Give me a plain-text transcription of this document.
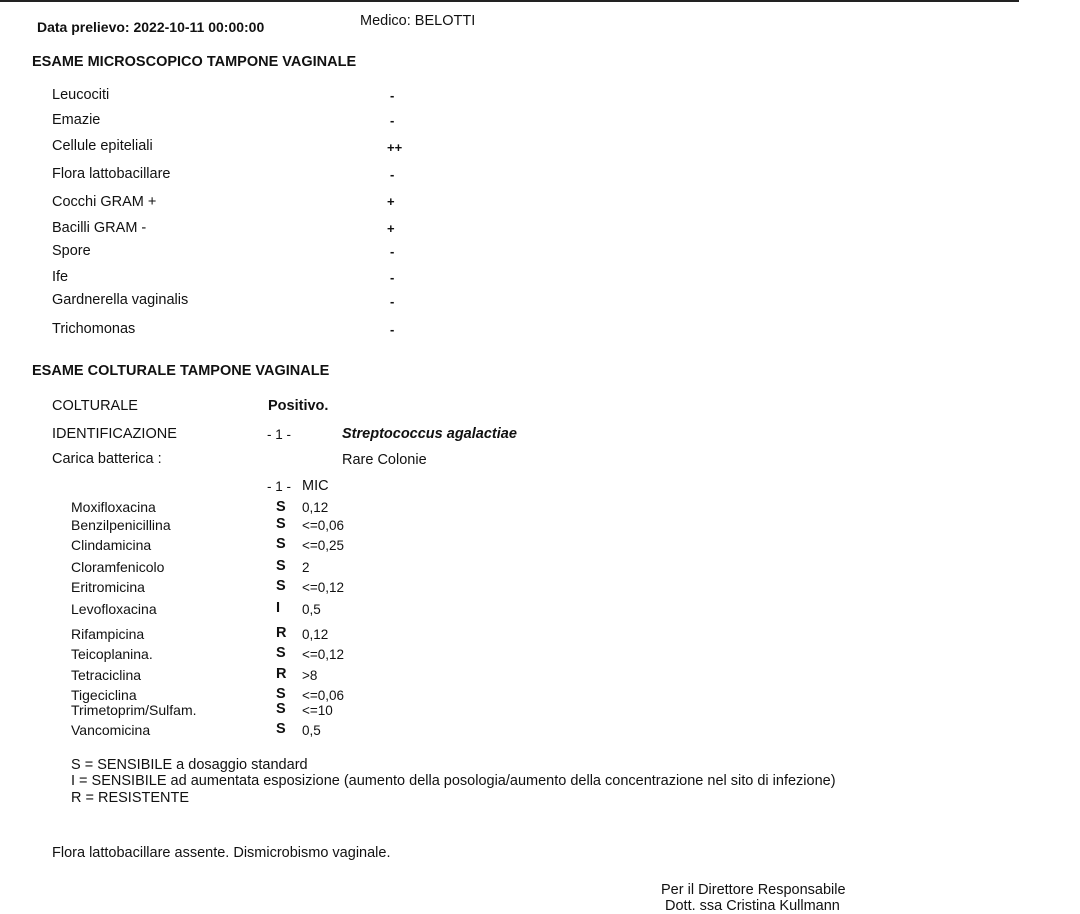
Data prelievo: 2022-10-11 00:00:00	Medico: BELOTTI
ESAME MICROSCOPICO TAMPONE VAGINALE
Leucociti	-
Emazie	-
Cellule epiteliali	++
Flora lattobacillare	-
Cocchi GRAM +	+
Bacilli GRAM -	+
Spore	-
Ife	-
Gardnerella vaginalis	-
Trichomonas	-
ESAME COLTURALE TAMPONE VAGINALE
COLTURALE	Positivo.
IDENTIFICAZIONE	- 1 -	Streptococcus agalactiae
Carica batterica :	Rare Colonie
- 1 - MIC
Moxifloxacina	S 0,12
Benzilpenicillina	S <=0,06
Clindamicina	S <=0,25
Cloramfenicolo	S 2
Eritromicina	S <=0,12
Levofloxacina	I 0,5
Rifampicina	R 0,12
Teicoplanina.	S <=0,12
Tetraciclina	R >8
Tigeciclina	S <=0,06
Trimetoprim/Sulfam.	S <=10
Vancomicina	S 0,5
S = SENSIBILE a dosaggio standard
I = SENSIBILE ad aumentata esposizione (aumento della posologia/aumento della concentrazione nel sito di infezione)
R = RESISTENTE
Flora lattobacillare assente. Dismicrobismo vaginale.
Per il Direttore Responsabile
Dott. ssa Cristina Kullmann
